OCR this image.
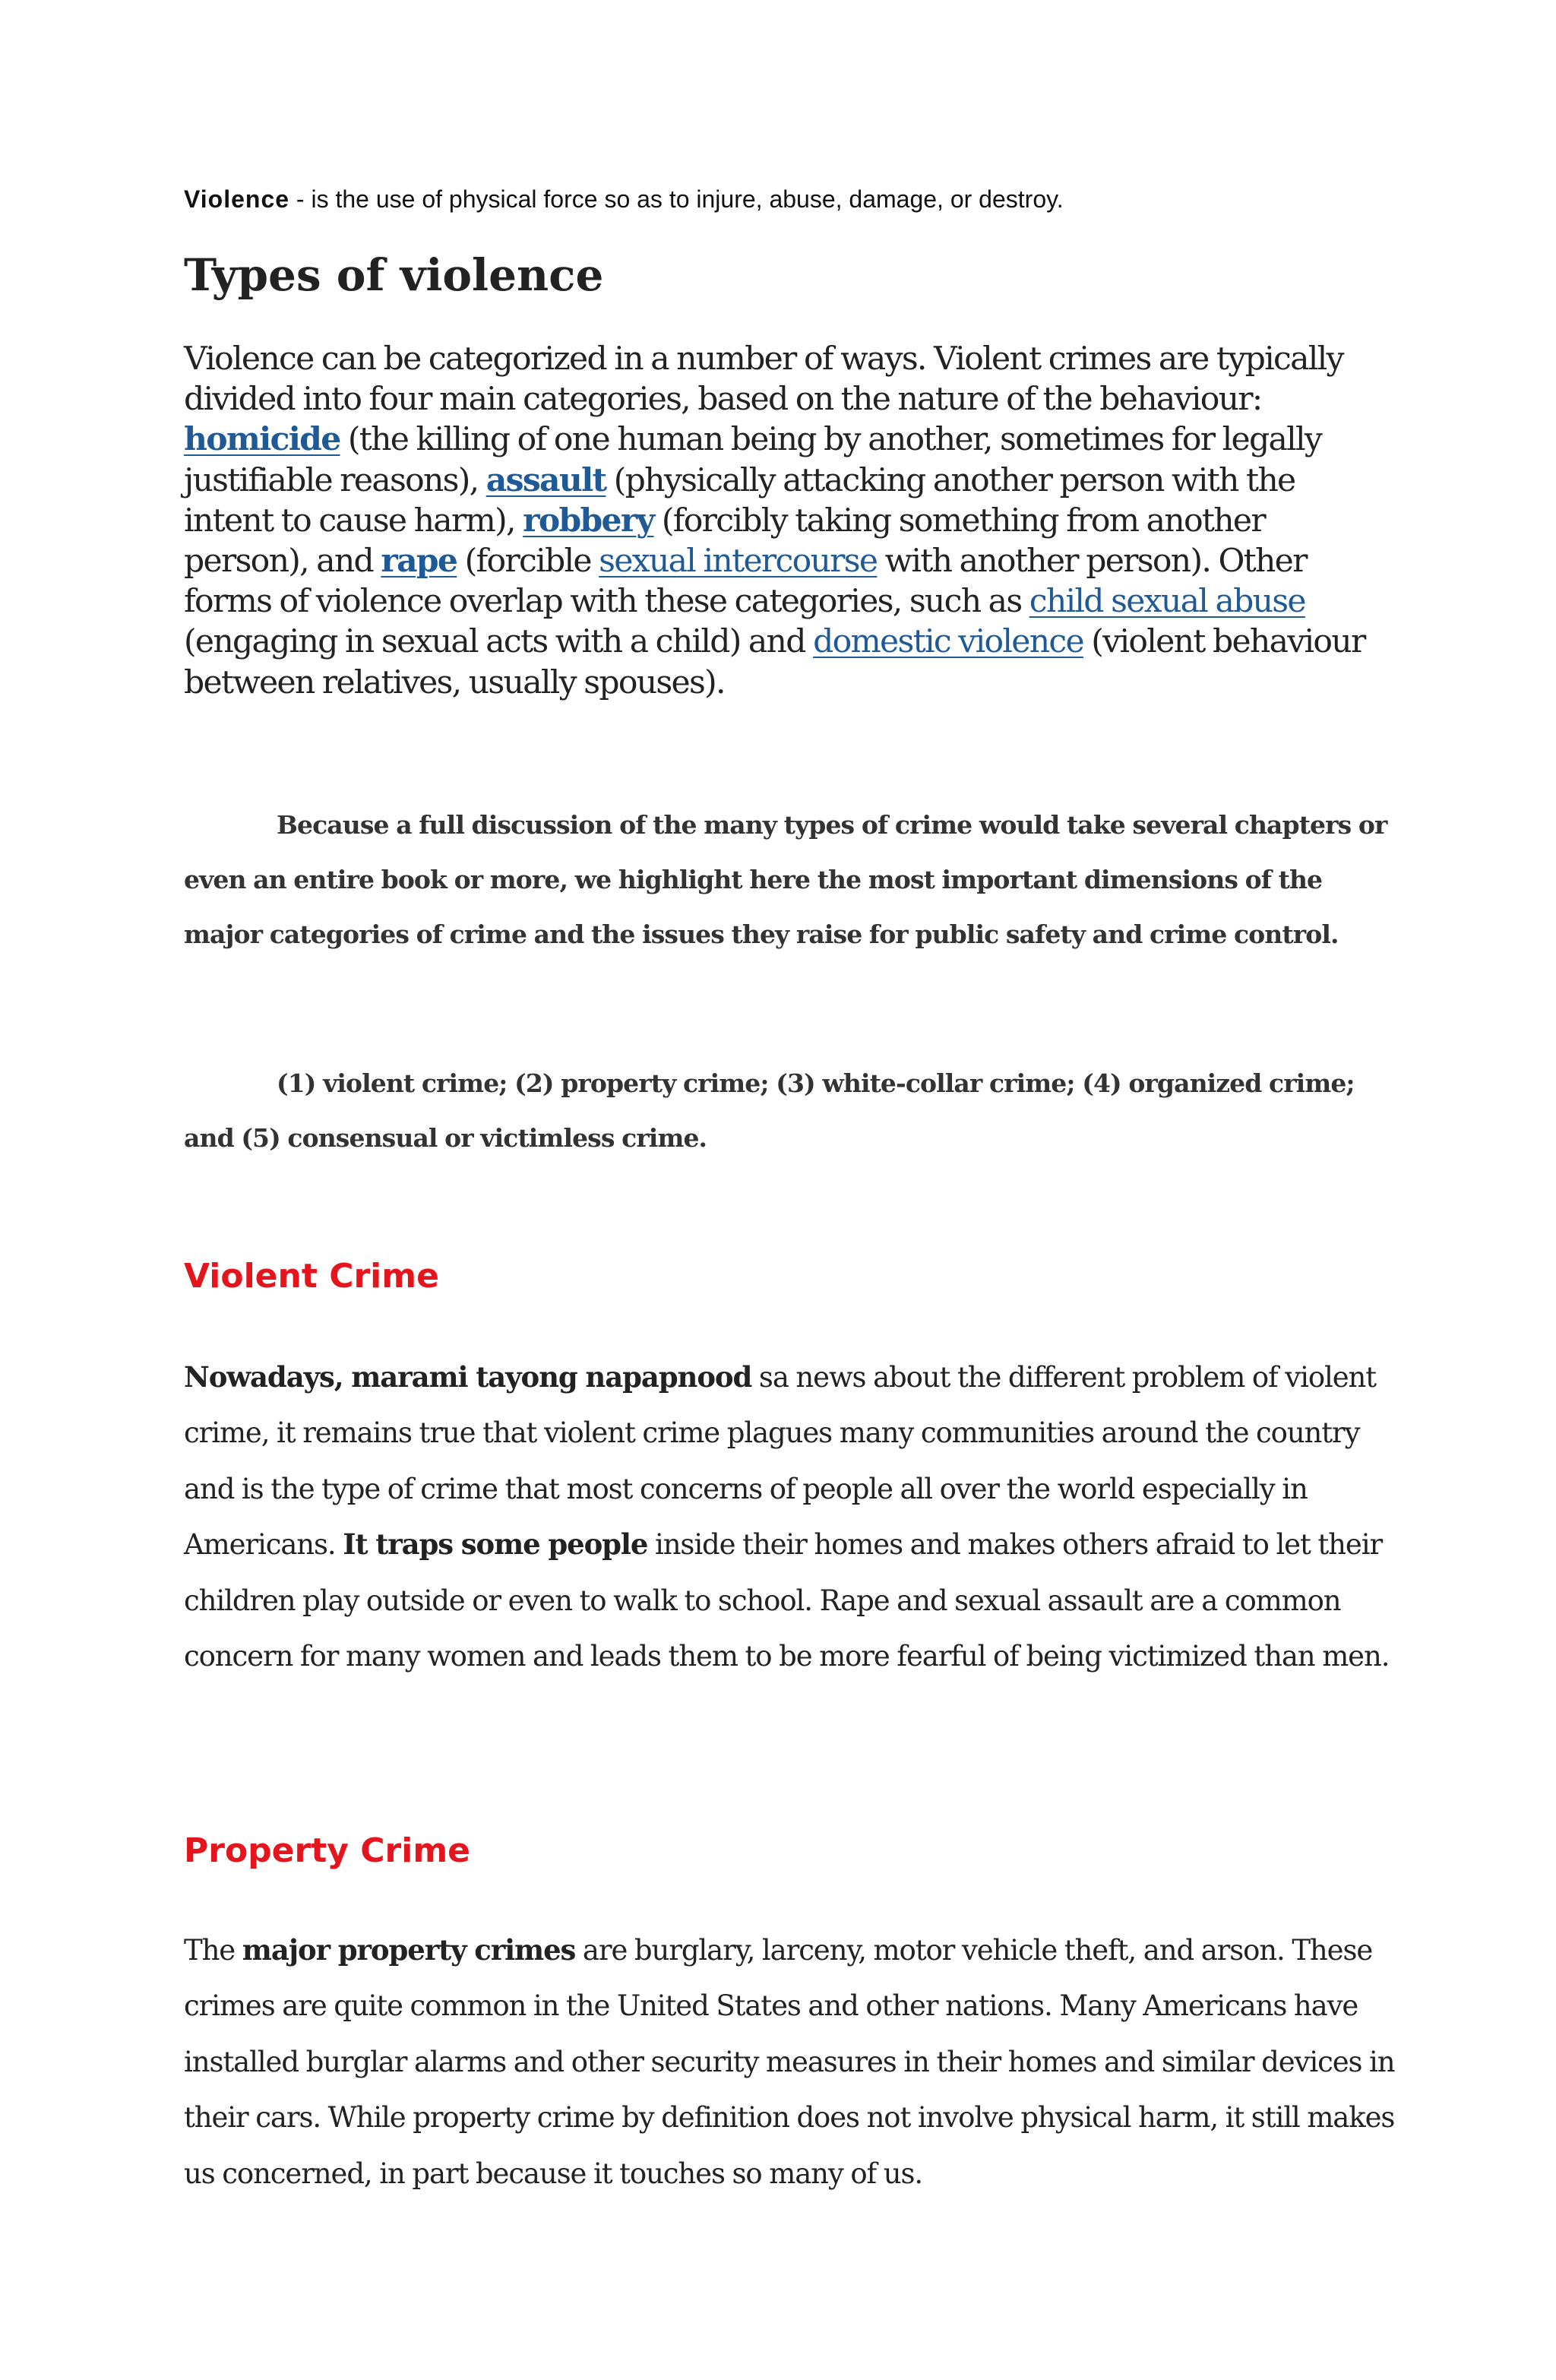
Violence - is the use of physical force so as to injure, abuse, damage, or destroy.

Types of violence

Violence can be categorized in a number of ways. Violent crimes are typically divided into four main categories, based on the nature of the behaviour: homicide (the killing of one human being by another, sometimes for legally justifiable reasons), assault (physically attacking another person with the intent to cause harm), robbery (forcibly taking something from another person), and rape (forcible sexual intercourse with another person). Other forms of violence overlap with these categories, such as child sexual abuse (engaging in sexual acts with a child) and domestic violence (violent behaviour between relatives, usually spouses).

Because a full discussion of the many types of crime would take several chapters or even an entire book or more, we highlight here the most important dimensions of the major categories of crime and the issues they raise for public safety and crime control.

(1) violent crime; (2) property crime; (3) white-collar crime; (4) organized crime; and (5) consensual or victimless crime.

Violent Crime

Nowadays, marami tayong napapnood sa news about the different problem of violent crime, it remains true that violent crime plagues many communities around the country and is the type of crime that most concerns of people all over the world especially in Americans. It traps some people inside their homes and makes others afraid to let their children play outside or even to walk to school. Rape and sexual assault are a common concern for many women and leads them to be more fearful of being victimized than men.

Property Crime

The major property crimes are burglary, larceny, motor vehicle theft, and arson. These crimes are quite common in the United States and other nations. Many Americans have installed burglar alarms and other security measures in their homes and similar devices in their cars. While property crime by definition does not involve physical harm, it still makes us concerned, in part because it touches so many of us.
